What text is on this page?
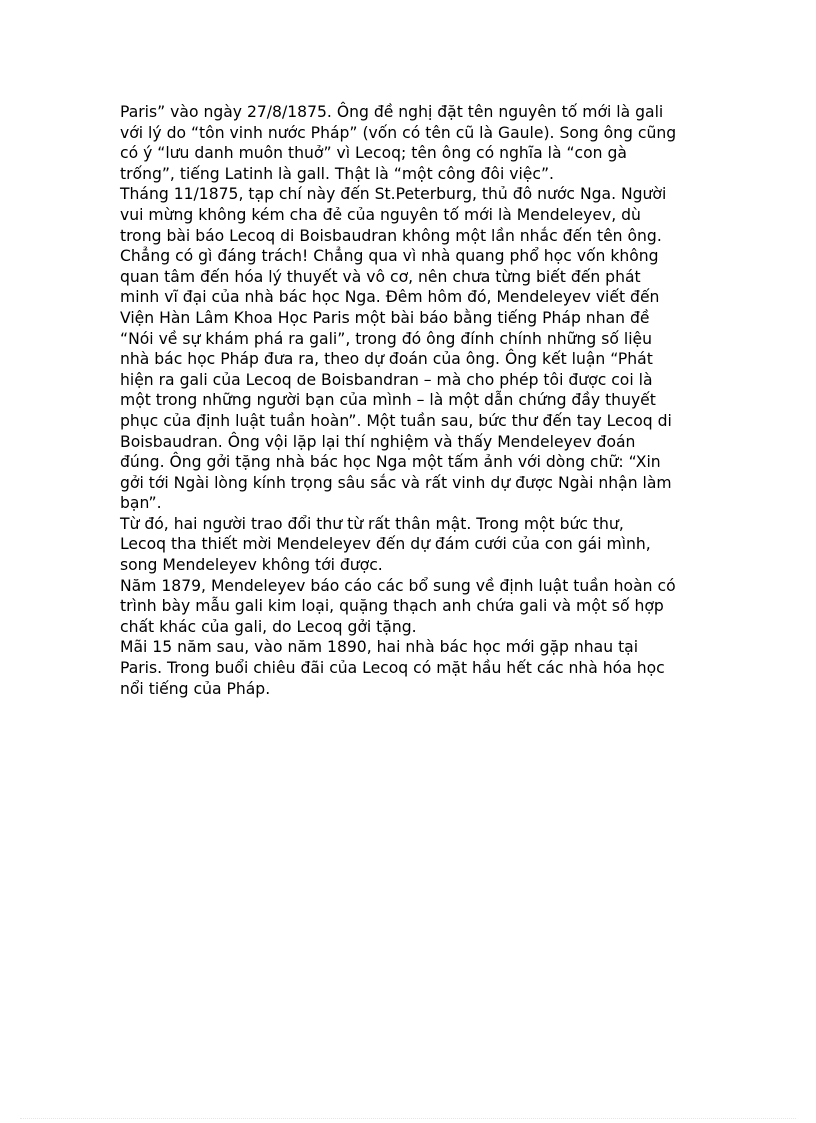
Paris” vào ngày 27/8/1875. Ông đề nghị đặt tên nguyên tố mới là gali
với lý do “tôn vinh nước Pháp” (vốn có tên cũ là Gaule). Song ông cũng
có ý “lưu danh muôn thuở” vì Lecoq; tên ông có nghĩa là “con gà
trống”, tiếng Latinh là gall. Thật là “một công đôi việc”.
Tháng 11/1875, tạp chí này đến St.Peterburg, thủ đô nước Nga. Người
vui mừng không kém cha đẻ của nguyên tố mới là Mendeleyev, dù
trong bài báo Lecoq di Boisbaudran không một lần nhắc đến tên ông.
Chẳng có gì đáng trách! Chẳng qua vì nhà quang phổ học vốn không
quan tâm đến hóa lý thuyết và vô cơ, nên chưa từng biết đến phát
minh vĩ đại của nhà bác học Nga. Đêm hôm đó, Mendeleyev viết đến
Viện Hàn Lâm Khoa Học Paris một bài báo bằng tiếng Pháp nhan đề
“Nói về sự khám phá ra gali”, trong đó ông đính chính những số liệu
nhà bác học Pháp đưa ra, theo dự đoán của ông. Ông kết luận “Phát
hiện ra gali của Lecoq de Boisbandran – mà cho phép tôi được coi là
một trong những người bạn của mình – là một dẫn chứng đầy thuyết
phục của định luật tuần hoàn”. Một tuần sau, bức thư đến tay Lecoq di
Boisbaudran. Ông vội lặp lại thí nghiệm và thấy Mendeleyev đoán
đúng. Ông gởi tặng nhà bác học Nga một tấm ảnh với dòng chữ: “Xin
gởi tới Ngài lòng kính trọng sâu sắc và rất vinh dự được Ngài nhận làm
bạn”.
Từ đó, hai người trao đổi thư từ rất thân mật. Trong một bức thư,
Lecoq tha thiết mời Mendeleyev đến dự đám cưới của con gái mình,
song Mendeleyev không tới được.
Năm 1879, Mendeleyev báo cáo các bổ sung về định luật tuần hoàn có
trình bày mẫu gali kim loại, quặng thạch anh chứa gali và một số hợp
chất khác của gali, do Lecoq gởi tặng.
Mãi 15 năm sau, vào năm 1890, hai nhà bác học mới gặp nhau tại
Paris. Trong buổi chiêu đãi của Lecoq có mặt hầu hết các nhà hóa học
nổi tiếng của Pháp.
